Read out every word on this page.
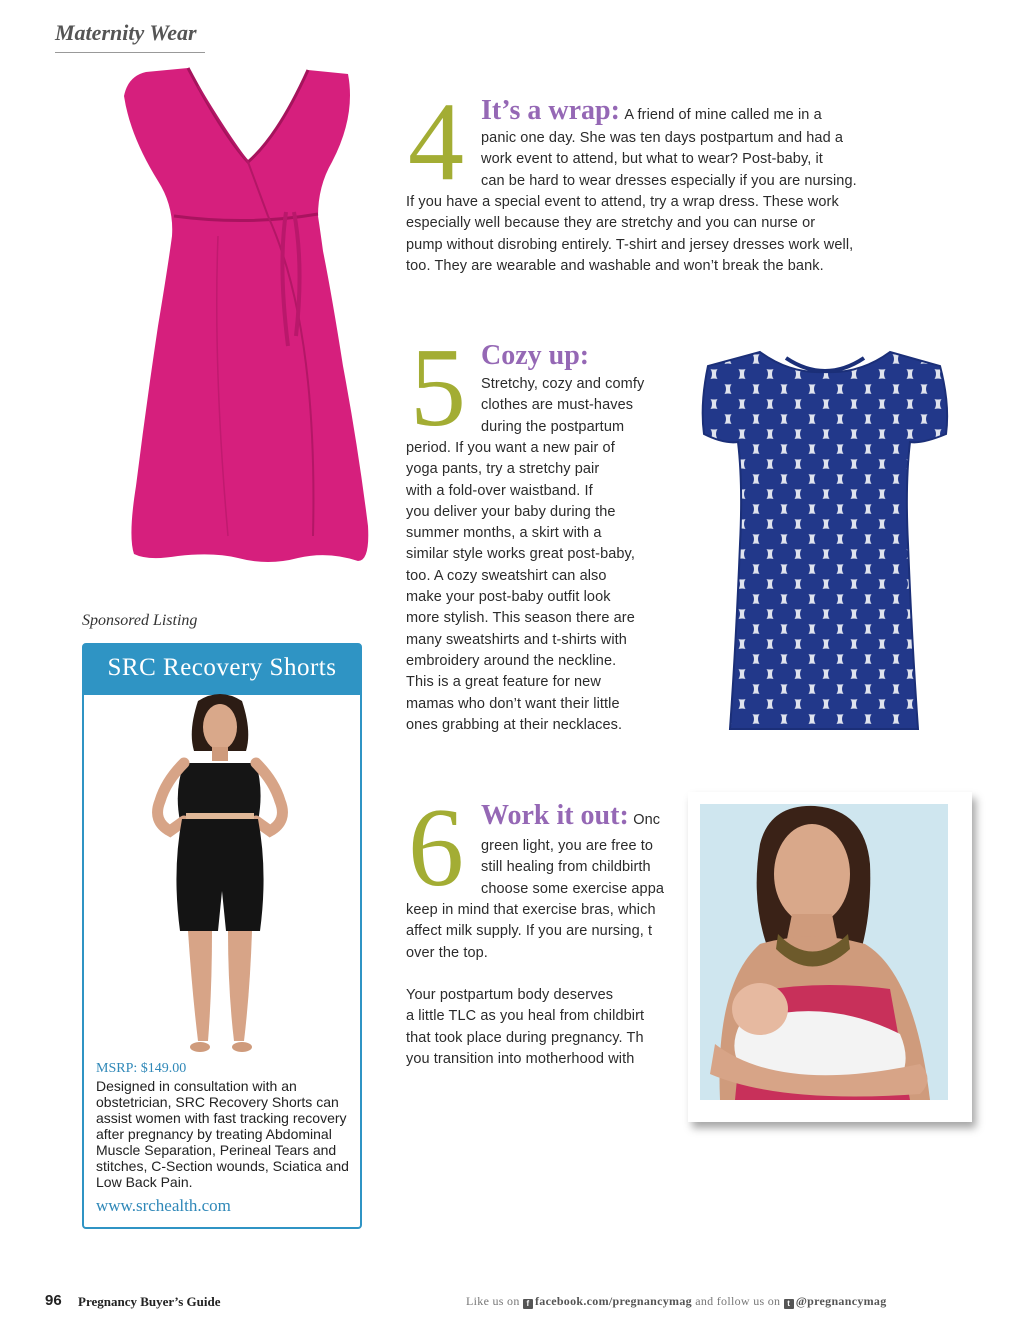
Maternity Wear
4 It’s a wrap: A friend of mine called me in a
panic one day. She was ten days postpartum and had a
work event to attend, but what to wear? Post-baby, it
can be hard to wear dresses especially if you are nursing.
If you have a special event to attend, try a wrap dress. These work
especially well because they are stretchy and you can nurse or
pump without disrobing entirely. T-shirt and jersey dresses work well,
too. They are wearable and washable and won’t break the bank.
5 Cozy up:
Stretchy, cozy and comfy
clothes are must-haves
during the postpartum
period. If you want a new pair of
yoga pants, try a stretchy pair
with a fold-over waistband. If
you deliver your baby during the
summer months, a skirt with a
similar style works great post-baby,
too. A cozy sweatshirt can also
make your post-baby outfit look
more stylish. This season there are
many sweatshirts and t-shirts with
embroidery around the neckline.
This is a great feature for new
mamas who don’t want their little
ones grabbing at their necklaces.
6 Work it out: Onc
green light, you are free to
still healing from childbirth
choose some exercise appa
keep in mind that exercise bras, which
affect milk supply. If you are nursing, t
over the top.
Your postpartum body deserves
a little TLC as you heal from childbirt
that took place during pregnancy. Th
you transition into motherhood with
Sponsored Listing
SRC Recovery Shorts
MSRP: $149.00
Designed in consultation with an obstetrician, SRC Recovery Shorts can assist women with fast tracking recovery after pregnancy by treating Abdominal Muscle Separation, Perineal Tears and stitches, C-Section wounds, Sciatica and Low Back Pain.
www.srchealth.com
96 Pregnancy Buyer’s Guide	Like us on f facebook.com/pregnancymag and follow us on t @pregnancymag
